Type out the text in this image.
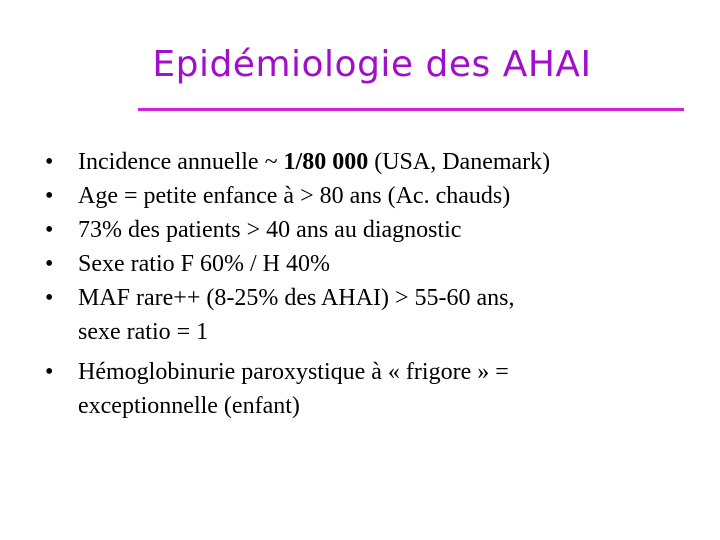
Epidémiologie des AHAI
•	Incidence annuelle ~ 1/80 000 (USA, Danemark)
•	Age = petite enfance à > 80 ans (Ac. chauds)
•	73% des patients > 40 ans au diagnostic
•	Sexe ratio F 60% / H 40%
•	MAF rare++ (8-25% des AHAI) > 55-60 ans,
sexe ratio = 1
•	Hémoglobinurie paroxystique à « frigore » =
exceptionnelle (enfant)
